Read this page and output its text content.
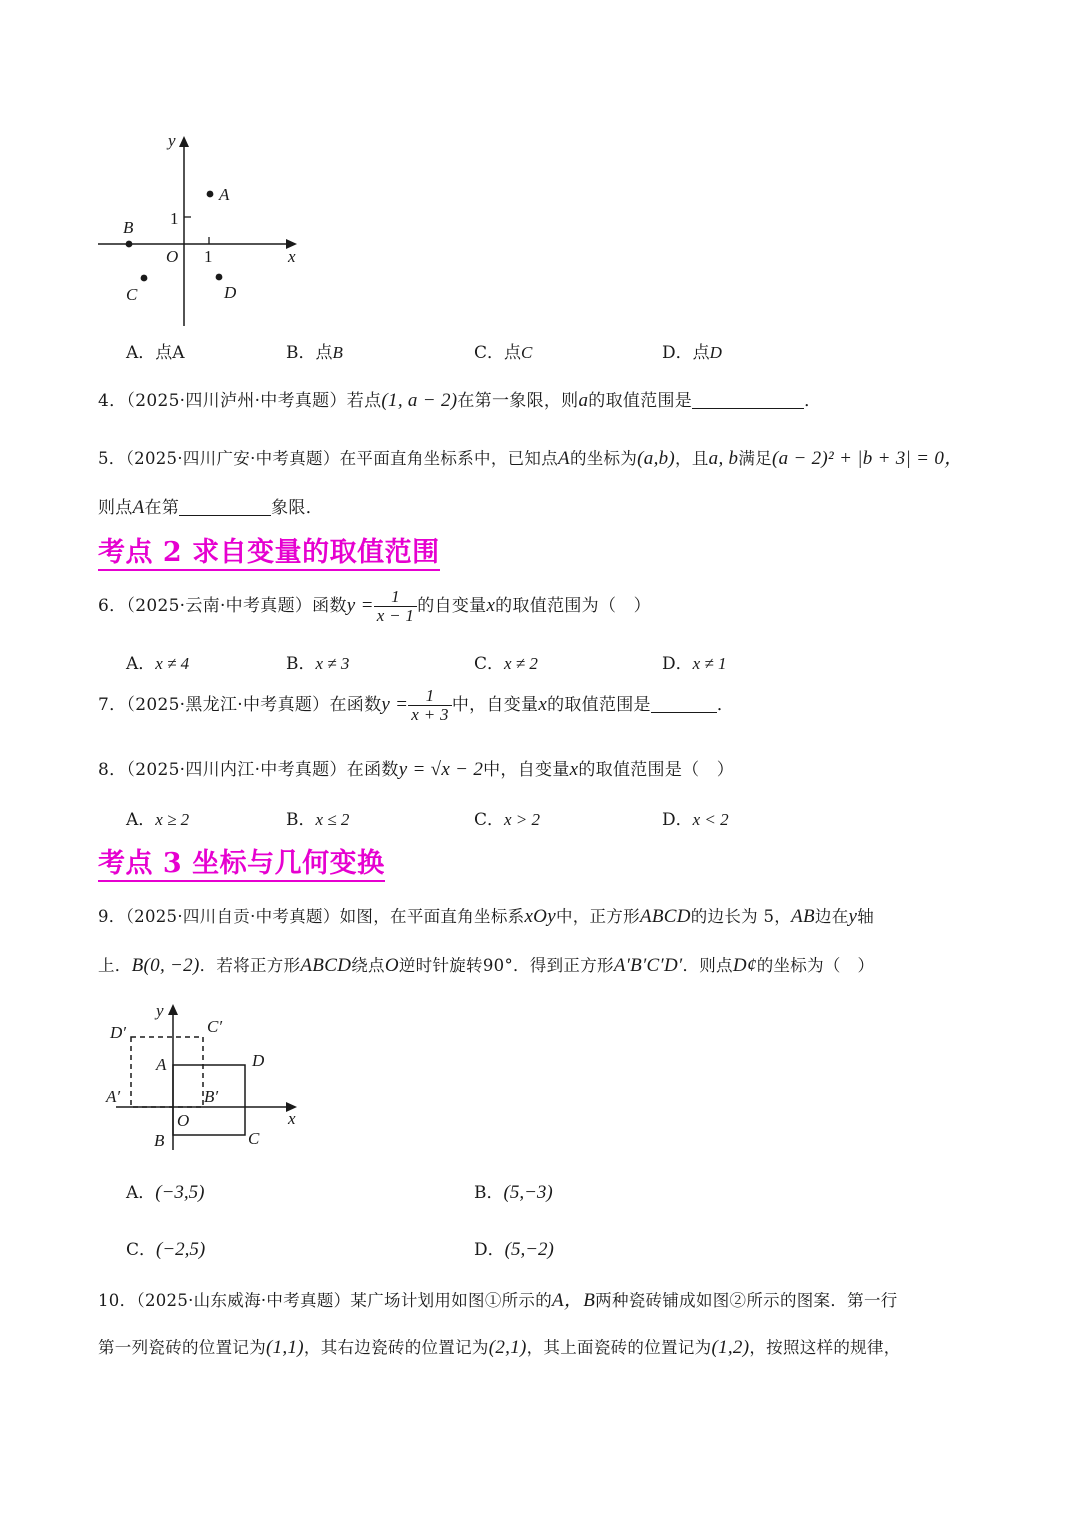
y
x
O
1
1
A
B
C	D
A．点A	B．点B	C．点C	D．点D
4．（2025·四川泸州·中考真题）若点(1, a − 2)在第一象限，则a的取值范围是	．
5．（2025·四川广安·中考真题）在平面直角坐标系中，已知点A的坐标为(a,b)，且a, b满足(a − 2)² + |b + 3| = 0，
则点A在第	象限．
考点 2 求自变量的取值范围
6．（2025·云南·中考真题）函数$y = \frac{1}{x - 1}$ 的自变量x的取值范围为（　）
A．x ≠ 4	B．x ≠ 3	C．x ≠ 2	D．x ≠ 1
7．（2025·黑龙江·中考真题）在函数$y = \frac{1}{x + 3}$ 中，自变量x的取值范围是	．
8．（2025·四川内江·中考真题）在函数y = √x − 2中，自变量x的取值范围是（　）
A．x ≥ 2	B．x ≤ 2	C．x > 2	D．x < 2
考点 3 坐标与几何变换
9．（2025·四川自贡·中考真题）如图，在平面直角坐标系xOy中，正方形ABCD的边长为 5，AB边在y轴
上．B(0, −2)．若将正方形ABCD绕点O逆时针旋转90°．得到正方形A′B′C′D′．则点D¢的坐标为（　）
y
x
O
A
B	C
D
A′	B′
C′
D′
A．(−3,5)	B．(5,−3)
C．(−2,5)	D．(5,−2)
10．（2025·山东威海·中考真题）某广场计划用如图①所示的A，B两种瓷砖铺成如图②所示的图案．第一行
第一列瓷砖的位置记为(1,1)，其右边瓷砖的位置记为(2,1)，其上面瓷砖的位置记为(1,2)，按照这样的规律，
